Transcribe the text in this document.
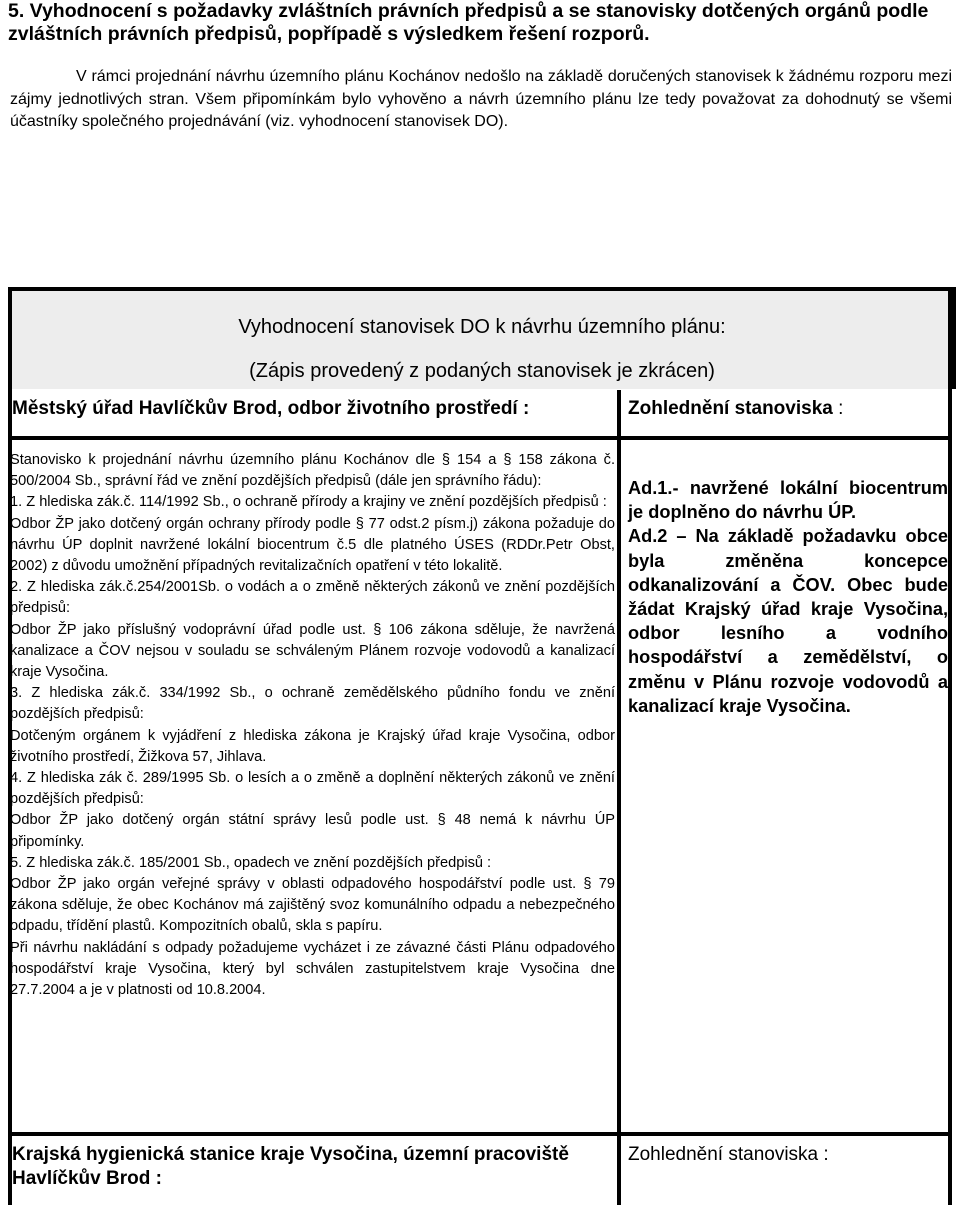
5. Vyhodnocení s požadavky zvláštních právních předpisů a se stanovisky dotčených orgánů podle zvláštních právních předpisů, popřípadě s výsledkem řešení rozporů.

V rámci projednání návrhu územního plánu Kochánov nedošlo na základě doručených stanovisek k žádnému rozporu mezi zájmy jednotlivých stran. Všem připomínkám bylo vyhověno a návrh územního plánu lze tedy považovat za dohodnutý se všemi účastníky společného projednávání (viz. vyhodnocení stanovisek DO).

Vyhodnocení stanovisek DO k návrhu územního plánu:
(Zápis provedený z podaných stanovisek je zkrácen)
Městský úřad Havlíčkův Brod, odbor životního prostředí :	Zohlednění stanoviska :

Stanovisko k projednání návrhu územního plánu Kochánov dle § 154 a § 158 zákona č. 500/2004 Sb., správní řád ve znění pozdějších předpisů (dále jen správního řádu):

1. Z hlediska zák.č. 114/1992 Sb., o ochraně přírody a krajiny ve znění pozdějších předpisů :

Odbor ŽP jako dotčený orgán ochrany přírody podle § 77 odst.2 písm.j) zákona požaduje do návrhu ÚP doplnit navržené lokální biocentrum č.5 dle platného ÚSES (RDDr.Petr Obst, 2002) z důvodu umožnění případných revitalizačních opatření v této lokalitě.

2. Z hlediska zák.č.254/2001Sb. o vodách a o změně některých zákonů ve znění pozdějších předpisů:

Odbor ŽP jako příslušný vodoprávní úřad podle ust. § 106 zákona sděluje, že navržená kanalizace a ČOV nejsou v souladu se schváleným Plánem rozvoje vodovodů a kanalizací kraje Vysočina.

3. Z hlediska zák.č. 334/1992 Sb., o ochraně zemědělského půdního fondu ve znění pozdějších předpisů:

Dotčeným orgánem k vyjádření z hlediska zákona je Krajský úřad kraje Vysočina, odbor životního prostředí, Žižkova 57, Jihlava.

4. Z hlediska zák č. 289/1995 Sb. o lesích a o změně a doplnění některých zákonů ve znění pozdějších předpisů:

Odbor ŽP jako dotčený orgán státní správy lesů podle ust. § 48 nemá k návrhu ÚP připomínky.

5. Z hlediska zák.č. 185/2001 Sb., opadech ve znění pozdějších předpisů :

Odbor ŽP jako orgán veřejné správy v oblasti odpadového hospodářství podle ust. § 79 zákona sděluje, že obec Kochánov má zajištěný svoz komunálního odpadu a nebezpečného odpadu, třídění plastů. Kompozitních obalů, skla s papíru.

Při návrhu nakládání s odpady požadujeme vycházet i ze závazné části Plánu odpadového hospodářství kraje Vysočina, který byl schválen zastupitelstvem kraje Vysočina dne 27.7.2004 a je v platnosti od 10.8.2004.

Ad.1.- navržené lokální biocentrum je doplněno do návrhu ÚP.

Ad.2 – Na základě požadavku obce byla změněna koncepce odkanalizování a ČOV. Obec bude žádat Krajský úřad kraje Vysočina, odbor lesního a vodního hospodářství a zemědělství, o změnu v Plánu rozvoje vodovodů a kanalizací kraje Vysočina.

Krajská hygienická stanice kraje Vysočina, územní pracoviště Havlíčkův Brod :
Zohlednění stanoviska :
